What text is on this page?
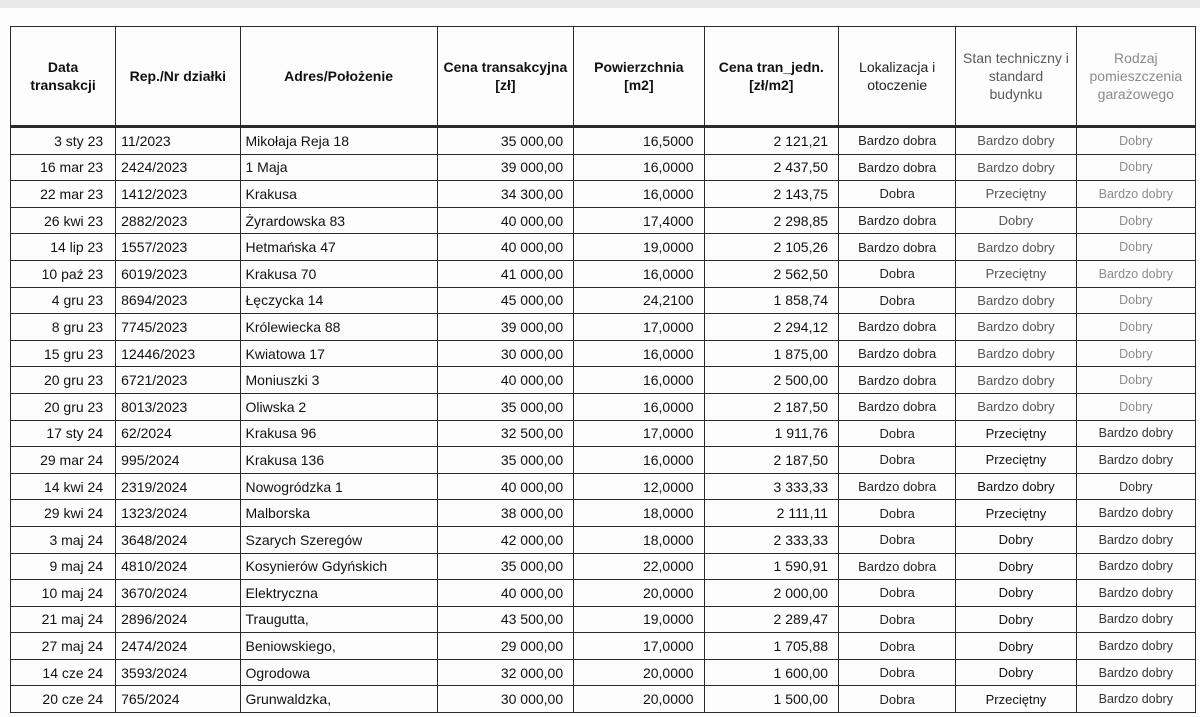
Data transakcji	Rep./Nr działki	Adres/Położenie	Cena transakcyjna [zł]	Powierzchnia [m2]	Cena tran_jedn. [zł/m2]	Lokalizacja i otoczenie	Stan techniczny i standard budynku	Rodzaj pomieszczenia garażowego
3 sty 23	11/2023	Mikołaja Reja 18	35 000,00	16,5000	2 121,21	Bardzo dobra	Bardzo dobry	Dobry
16 mar 23	2424/2023	1 Maja	39 000,00	16,0000	2 437,50	Bardzo dobra	Bardzo dobry	Dobry
22 mar 23	1412/2023	Krakusa	34 300,00	16,0000	2 143,75	Dobra	Przeciętny	Bardzo dobry
26 kwi 23	2882/2023	Żyrardowska 83	40 000,00	17,4000	2 298,85	Bardzo dobra	Dobry	Dobry
14 lip 23	1557/2023	Hetmańska 47	40 000,00	19,0000	2 105,26	Bardzo dobra	Bardzo dobry	Dobry
10 paź 23	6019/2023	Krakusa 70	41 000,00	16,0000	2 562,50	Dobra	Przeciętny	Bardzo dobry
4 gru 23	8694/2023	Łęczycka 14	45 000,00	24,2100	1 858,74	Dobra	Bardzo dobry	Dobry
8 gru 23	7745/2023	Królewiecka 88	39 000,00	17,0000	2 294,12	Bardzo dobra	Bardzo dobry	Dobry
15 gru 23	12446/2023	Kwiatowa 17	30 000,00	16,0000	1 875,00	Bardzo dobra	Bardzo dobry	Dobry
20 gru 23	6721/2023	Moniuszki 3	40 000,00	16,0000	2 500,00	Bardzo dobra	Bardzo dobry	Dobry
20 gru 23	8013/2023	Oliwska 2	35 000,00	16,0000	2 187,50	Bardzo dobra	Bardzo dobry	Dobry
17 sty 24	62/2024	Krakusa 96	32 500,00	17,0000	1 911,76	Dobra	Przeciętny	Bardzo dobry
29 mar 24	995/2024	Krakusa 136	35 000,00	16,0000	2 187,50	Dobra	Przeciętny	Bardzo dobry
14 kwi 24	2319/2024	Nowogródzka 1	40 000,00	12,0000	3 333,33	Bardzo dobra	Bardzo dobry	Dobry
29 kwi 24	1323/2024	Malborska	38 000,00	18,0000	2 111,11	Dobra	Przeciętny	Bardzo dobry
3 maj 24	3648/2024	Szarych Szeregów	42 000,00	18,0000	2 333,33	Dobra	Dobry	Bardzo dobry
9 maj 24	4810/2024	Kosynierów Gdyńskich	35 000,00	22,0000	1 590,91	Bardzo dobra	Dobry	Bardzo dobry
10 maj 24	3670/2024	Elektryczna	40 000,00	20,0000	2 000,00	Dobra	Dobry	Bardzo dobry
21 maj 24	2896/2024	Traugutta,	43 500,00	19,0000	2 289,47	Dobra	Dobry	Bardzo dobry
27 maj 24	2474/2024	Beniowskiego,	29 000,00	17,0000	1 705,88	Dobra	Dobry	Bardzo dobry
14 cze 24	3593/2024	Ogrodowa	32 000,00	20,0000	1 600,00	Dobra	Dobry	Bardzo dobry
20 cze 24	765/2024	Grunwaldzka,	30 000,00	20,0000	1 500,00	Dobra	Przeciętny	Bardzo dobry
